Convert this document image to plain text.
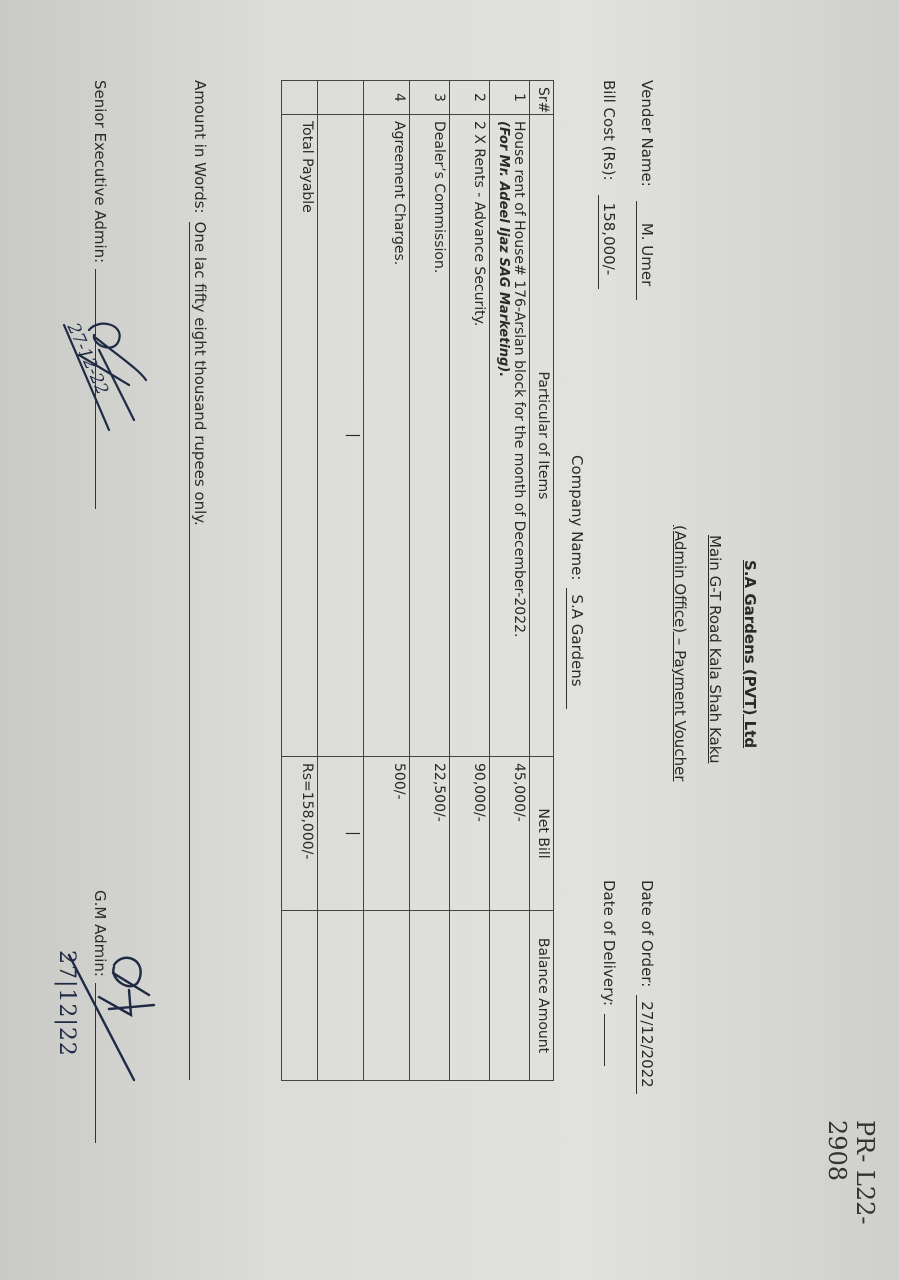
PR- L22-2908
S.A Gardens (PVT) Ltd
Main G-T Road Kala Shah Kaku
(Admin Office) – Payment Voucher
Vender Name:
M. Umer
Bill Cost (Rs):
158,000/-
Date of Order:
27/12/2022
Date of Delivery:
Company Name:
S.A Gardens
Sr#	Particular of Items	Net Bill	Balance Amount
1	House rent of House# 176-Arslan block for the month of December-2022.
(For Mr. Adeel Ijaz SAG Marketing).	45,000/-	
2	2 X Rents - Advance Security.	90,000/-	
3	Dealer’s Commission.	22,500/-	
4	Agreement Charges.	500/-	
	|	|	
	Total Payable	Rs=158,000/-	
Amount in Words:
One lac fifty eight thousand rupees only.
Senior Executive Admin:
27-12-22
G.M Admin:
27|12|22
